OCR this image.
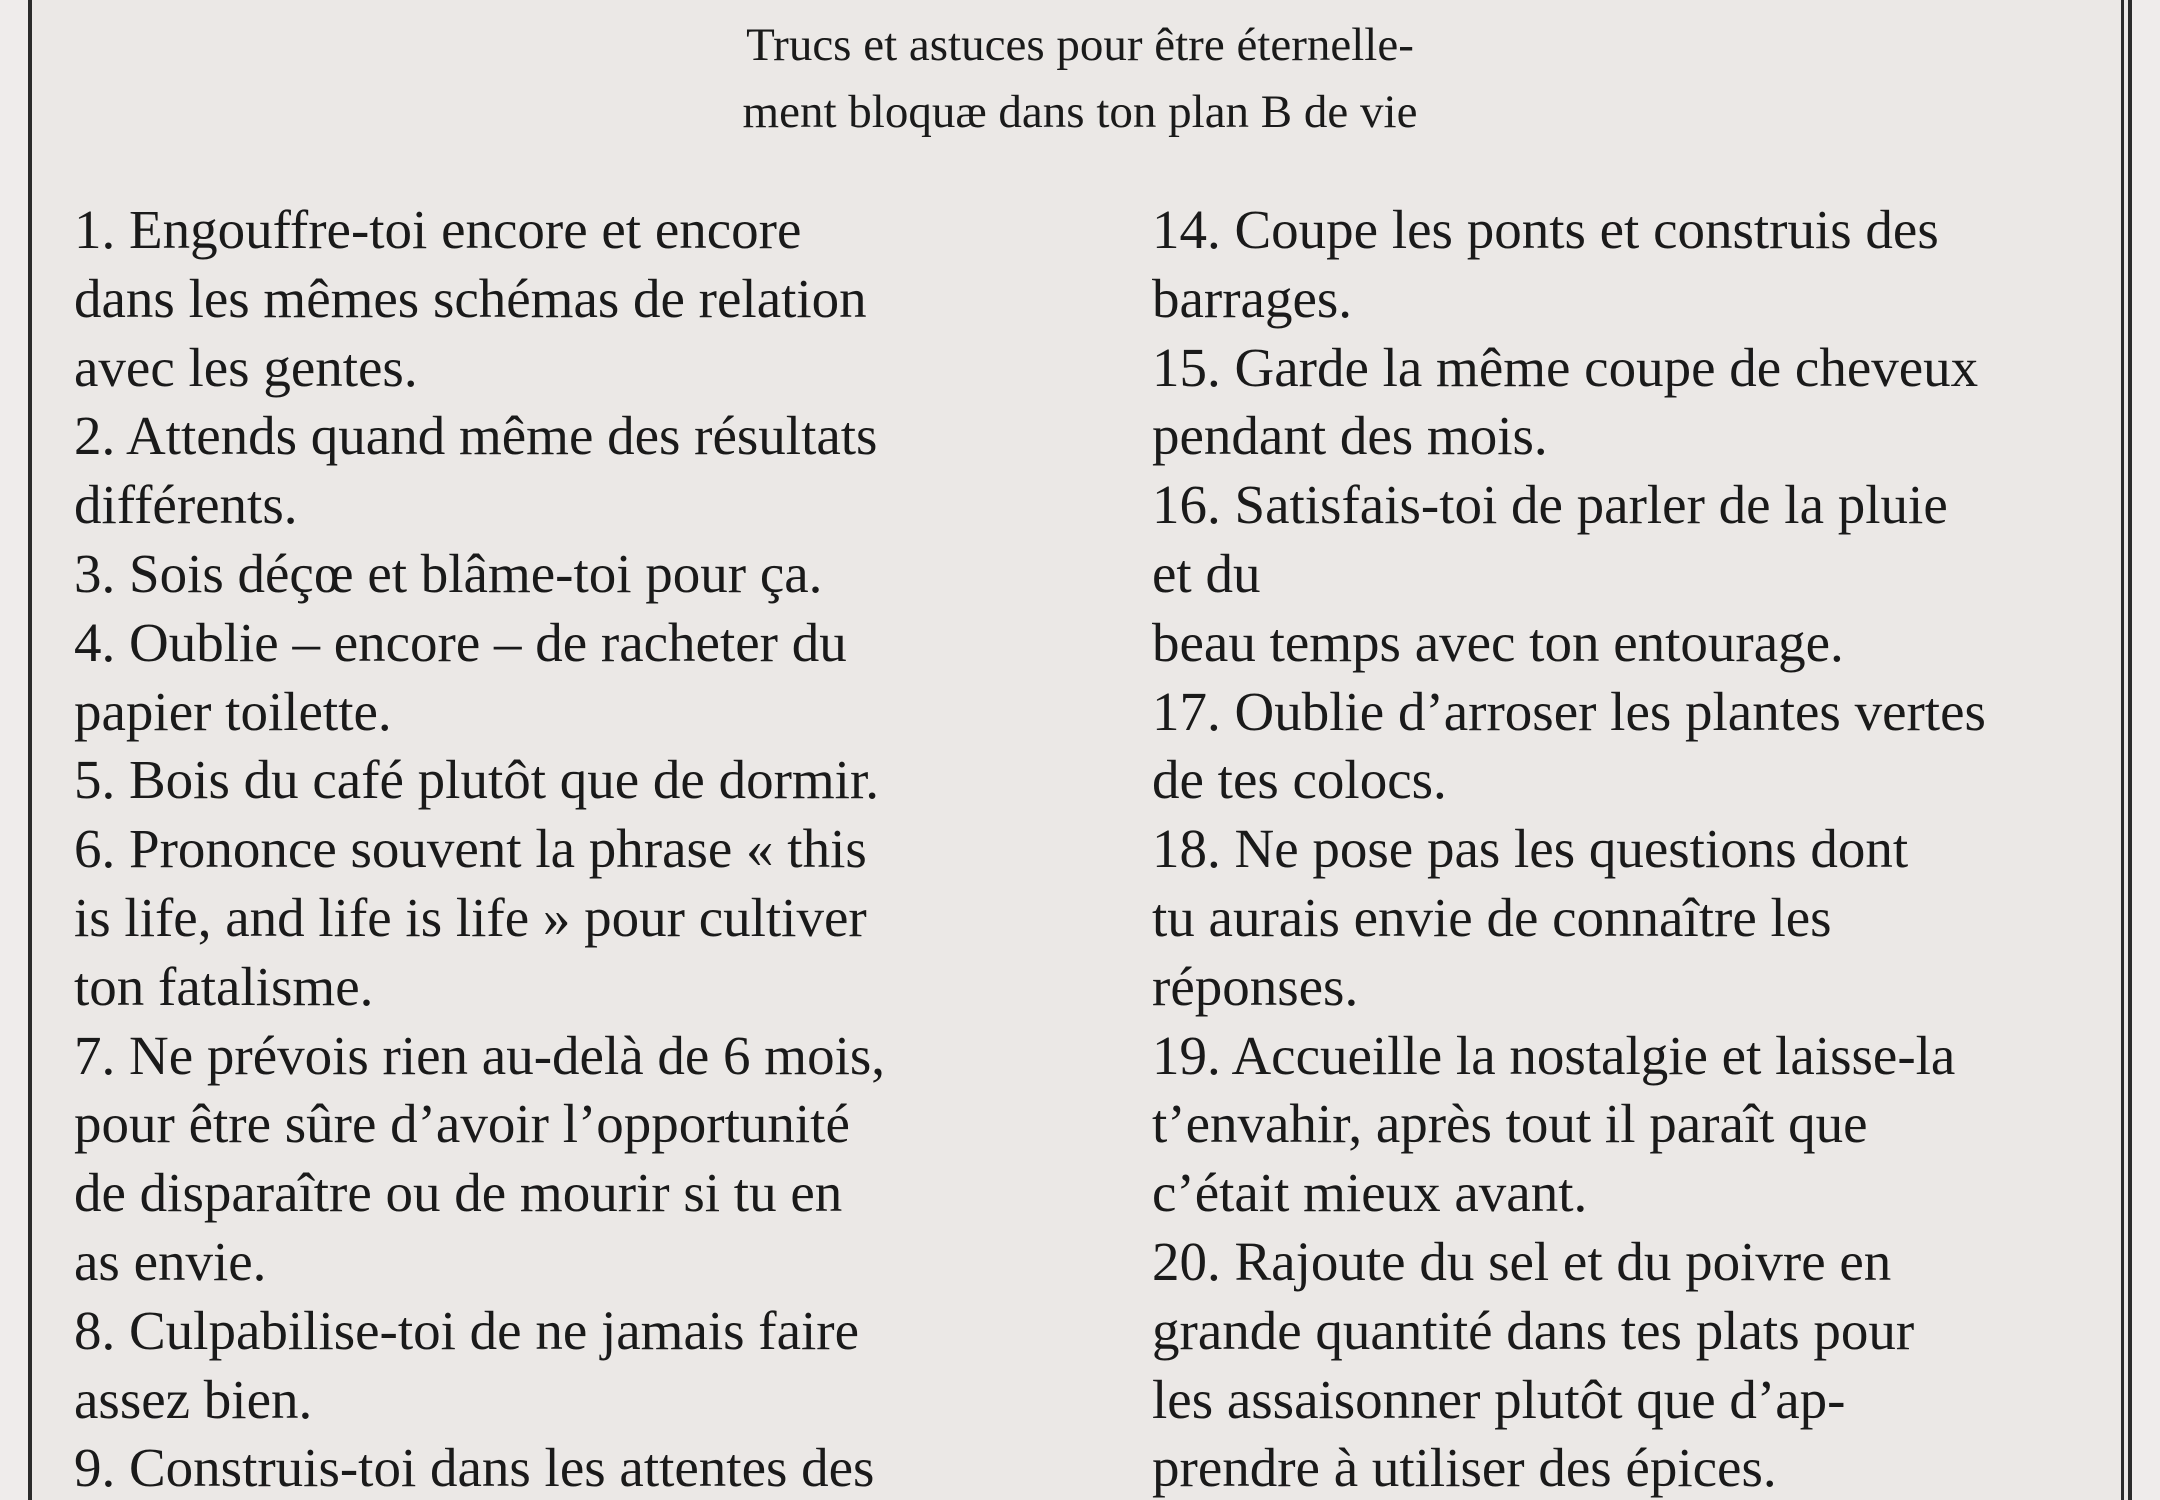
Trucs et astuces pour être éternelle-
ment bloquæ dans ton plan B de vie
1. Engouffre-toi encore et encore
dans les mêmes schémas de relation
avec les gentes.
2. Attends quand même des résultats
différents.
3. Sois déçœ et blâme-toi pour ça.
4. Oublie – encore – de racheter du
papier toilette.
5. Bois du café plutôt que de dormir.
6. Prononce souvent la phrase « this
is life, and life is life » pour cultiver
ton fatalisme.
7. Ne prévois rien au-delà de 6 mois,
pour être sûre d’avoir l’opportunité
de disparaître ou de mourir si tu en
as envie.
8. Culpabilise-toi de ne jamais faire
assez bien.
9. Construis-toi dans les attentes des
14. Coupe les ponts et construis des
barrages.
15. Garde la même coupe de cheveux
pendant des mois.
16. Satisfais-toi de parler de la pluie
et du
beau temps avec ton entourage.
17. Oublie d’arroser les plantes vertes
de tes colocs.
18. Ne pose pas les questions dont
tu aurais envie de connaître les
réponses.
19. Accueille la nostalgie et laisse-la
t’envahir, après tout il paraît que
c’était mieux avant.
20. Rajoute du sel et du poivre en
grande quantité dans tes plats pour
les assaisonner plutôt que d’ap-
prendre à utiliser des épices.
